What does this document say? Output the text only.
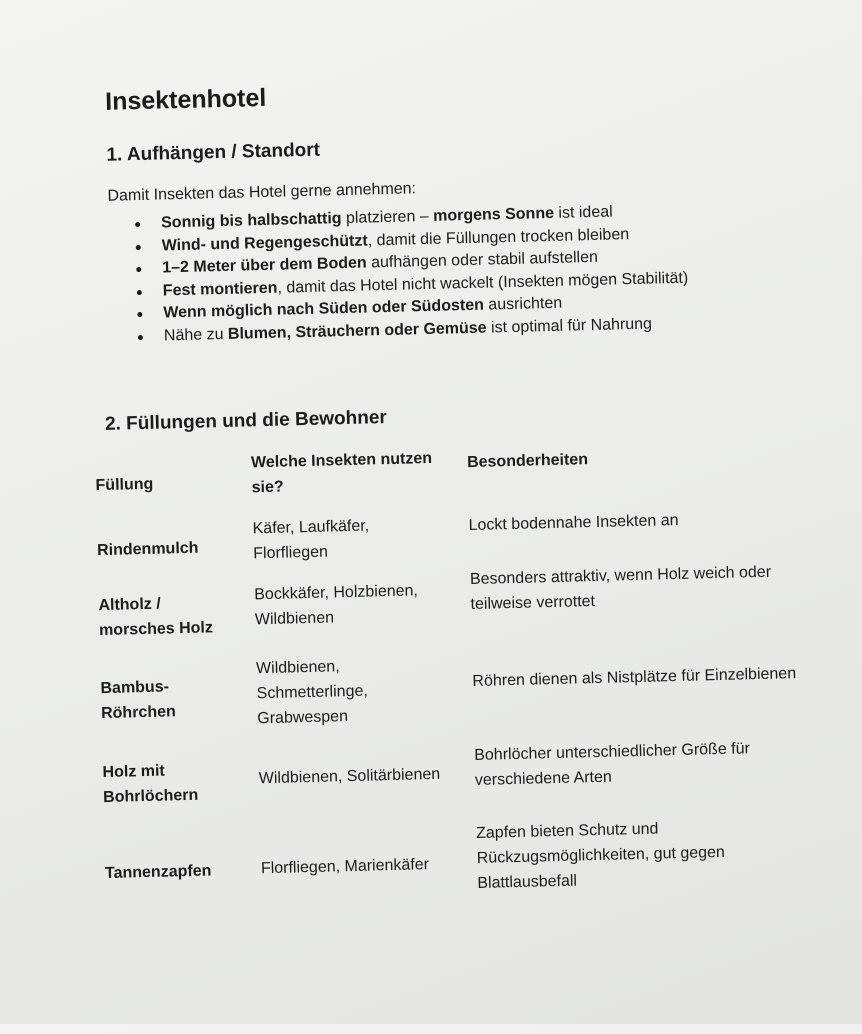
Insektenhotel
1. Aufhängen / Standort

Damit Insekten das Hotel gerne annehmen:

Sonnig bis halbschattig platzieren – morgens Sonne ist ideal
Wind- und Regengeschützt, damit die Füllungen trocken bleiben
1–2 Meter über dem Boden aufhängen oder stabil aufstellen
Fest montieren, damit das Hotel nicht wackelt (Insekten mögen Stabilität)
Wenn möglich nach Süden oder Südosten ausrichten
Nähe zu Blumen, Sträuchern oder Gemüse ist optimal für Nahrung
2. Füllungen und die Bewohner
Füllung
Welche Insekten nutzen
sie?
Besonderheiten
Rindenmulch
Käfer, Laufkäfer,
Florfliegen
Lockt bodennahe Insekten an
Altholz /
morsches Holz
Bockkäfer, Holzbienen,
Wildbienen
Besonders attraktiv, wenn Holz weich oder
teilweise verrottet
Bambus-
Röhrchen
Wildbienen,
Schmetterlinge,
Grabwespen
Röhren dienen als Nistplätze für Einzelbienen
Holz mit
Bohrlöchern
Wildbienen, Solitärbienen
Bohrlöcher unterschiedlicher Größe für
verschiedene Arten
Tannenzapfen	Florfliegen, Marienkäfer
Zapfen bieten Schutz und
Rückzugsmöglichkeiten, gut gegen
Blattlausbefall
